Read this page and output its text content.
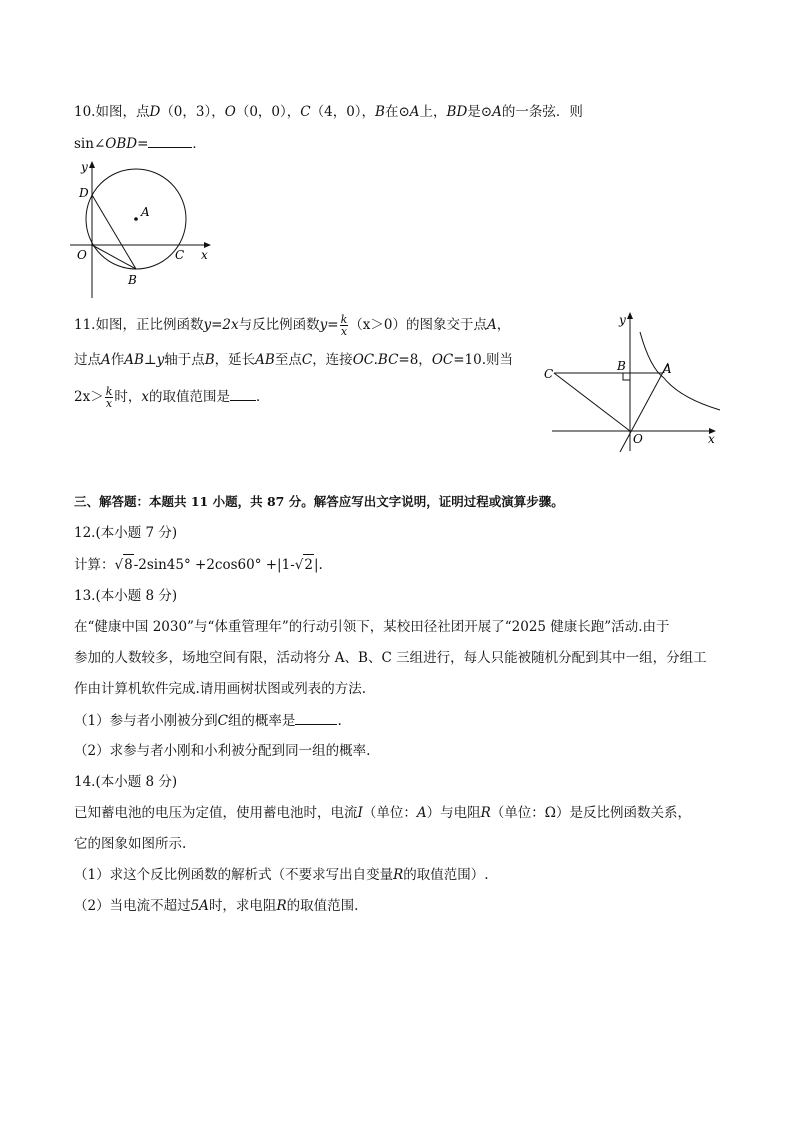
10.如图，点D（0，3），O（0，0），C（4，0），B在⊙A上，BD是⊙A的一条弦．则
sin∠OBD=	．
y
D
A
O	C x
B
11.如图，正比例函数y=2x与反比例函数$y= \frac{k}{x} (x>0)$的图象交于点A，
过点A作AB⊥y轴于点B，延长AB至点C，连接OC.BC=8，OC=10.则当
$2x> \frac{k}{x}$ 时，x的取值范围是 ．
y
B	A
C
O	x
三、解答题：本题共 11 小题，共 87 分。解答应写出文字说明，证明过程或演算步骤。
12.(本小题 7 分)
计算：√8-2sin45° +2cos60° +|1-√2|.
13.(本小题 8 分)
在“健康中国 2030”与“体重管理年”的行动引领下，某校田径社团开展了“2025 健康长跑”活动.由于
参加的人数较多，场地空间有限，活动将分 A、B、C 三组进行，每人只能被随机分配到其中一组，分组工
作由计算机软件完成.请用画树状图或列表的方法.
（1）参与者小刚被分到C组的概率是	.
（2）求参与者小刚和小利被分配到同一组的概率.
14.(本小题 8 分)
已知蓄电池的电压为定值，使用蓄电池时，电流I（单位：A）与电阻R（单位：Ω）是反比例函数关系，
它的图象如图所示.
（1）求这个反比例函数的解析式（不要求写出自变量R的取值范围）.
（2）当电流不超过5A时，求电阻R的取值范围.
